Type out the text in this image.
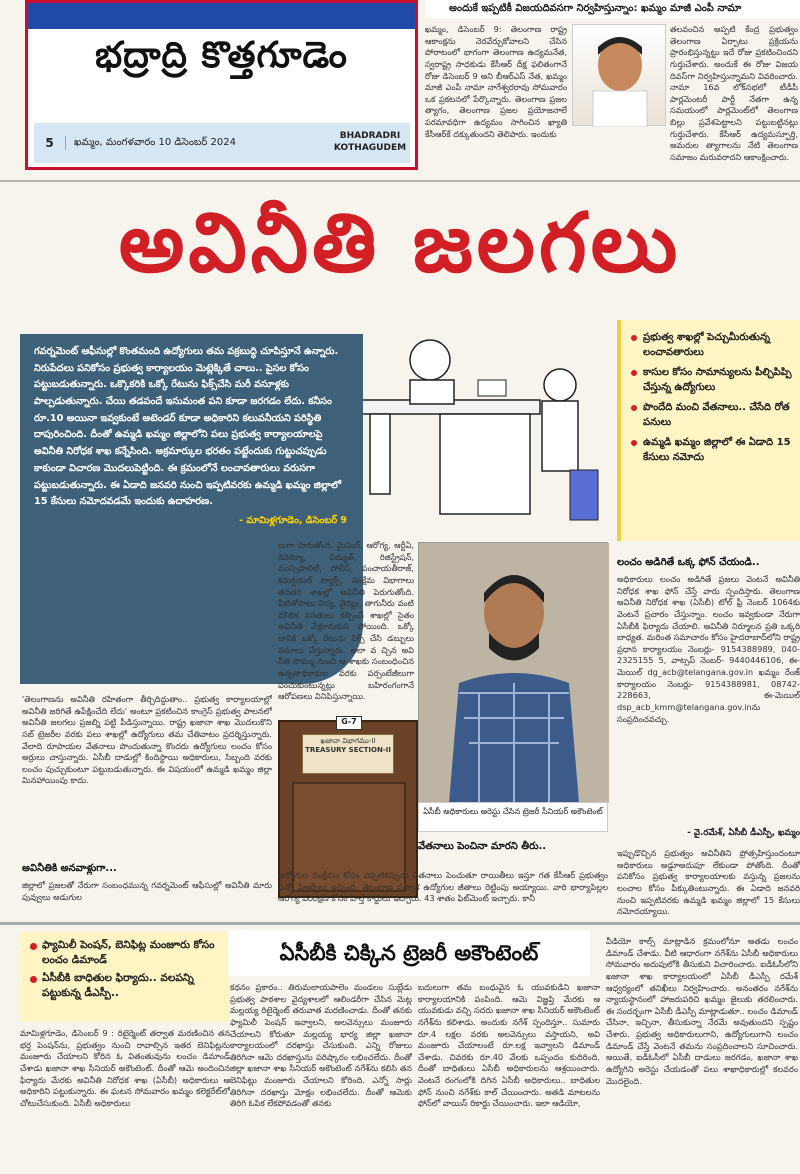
భద్రాద్రి కొత్తగూడెం
5	ఖమ్మం, మంగళవారం 10 డిసెంబర్ 2024
BHADRADRI KOTHAGUDEM
అందుకే ఇప్పటికీ విజయదివసగా నిర్వహిస్తున్నాం: ఖమ్మం మాజీ ఎంపీ నామా
ఖమ్మం, డిసెంబర్ 9: తెలంగాణ రాష్ట్ర ఆకాంక్షను నెరవేర్చుకోవాలని చేసిన పోరాటంలో భాగంగా తెలంగాణ ఉద్యమనేత, స్వరాష్ట్ర సాధకుడు కేసీఆర్ దీక్ష ఫలితంగానే రోజు డిసెంబర్ 9 అని బీఆర్ఎస్ నేత, ఖమ్మం మాజీ ఎంపీ నామా నాగేశ్వరరావు సోమవారం ఒక ప్రకటనలో పేర్కొన్నారు. తెలంగాణ ప్రజల త్యాగం, తెలంగాణ ప్రజల ప్రయోజనాలే పరమావధిగా ఉద్యమం సాగించిన ఖ్యాతి కేసీఆర్‌కే దక్కుతుందని తెలిపారు. ఇందుకు
తలవంచిన అప్పటి కేంద్ర ప్రభుత్వం తెలంగాణ ఏర్పాటు ప్రక్రియను ప్రారంభిస్తున్నట్టు ఇదే రోజు ప్రకటించిందని గుర్తుచేశారు. అందుకే ఈ రోజు విజయ దివస్‌గా నిర్వహిస్తున్నామని వివరించారు. నామా 16వ లోక్‌సభలో టీడీపీ పార్లమెంటరీ పార్టీ నేతగా ఉన్న సమయంలో పార్లమెంట్‌లో తెలంగాణ బిల్లు ప్రవేశపెట్టాలని పట్టుబట్టినట్లు గుర్తుచేశారు. కేసీఆర్ ఉద్యమస్ఫూర్తి, అమరుల త్యాగాలను నేటి తెలంగాణ సమాజం మరువరాదని ఆకాంక్షించారు.
అవినీతి జలగలు
గవర్నమెంట్ ఆఫీసుల్లో కొంతమంది ఉద్యోగులు తమ వక్రబుద్ధి చూపిస్తూనే ఉన్నారు. నిరుపేదలు పనికోసం ప్రభుత్వ కార్యాలయం మెట్లెక్కితే చాలు.. పైసల కోసం పట్టుబడుతున్నారు. ఒక్కొకరికి ఒక్కో రేటును ఫిక్స్‌చేసి మరీ వసూళ్లకు పాల్పడుతున్నారు. చేయి తడపందే ఇసుమంత పని కూడా జరగడం లేదు. కనీసం రూ.10 అయినా ఇవ్వకుంటే అటెండర్ కూడా అధికారిని కలువనీయని పరిస్థితి దాపురించింది. దీంతో ఉమ్మడి ఖమ్మం జిల్లాలోని పలు ప్రభుత్వ కార్యాలయాలపై అవినీతి నిరోధక శాఖ కన్నేసింది. అక్రమార్కుల భరతం పట్టేందుకు గుట్టుచప్పుడు కాకుండా విచారణ మొదలుపెట్టింది. ఈ క్రమంలోనే లంచావతారులు వరుసగా పట్టుబడుతున్నారు. ఈ ఏడాది జనవరి నుంచి ఇప్పటివరకు ఉమ్మడి ఖమ్మం జిల్లాలో 15 కేసులు నమోదవడమే ఇందుకు ఉదాహరణ.
- మామిళ్లగూడెం, డిసెంబర్ 9
ప్రభుత్వ శాఖల్లో పెచ్చుమీరుతున్న లంచావతారులు
కాసుల కోసం సామాన్యులను పీల్చిపిప్పి చేస్తున్న ఉద్యోగులు
పొందేది మంచి వేతనాలు.. చేసేది రోత పనులు
ఉమ్మడి ఖమ్మం జిల్లాలో ఈ ఏడాది 15 కేసులు నమోదు
లుగా సాగుతోంది. మైనింగ్, ఆరోగ్య, ఆర్టీఏ, రెవెన్యూ, విద్యుత్, రిజిస్ట్రేషన్, మున్సిపాలిటీ, పోలీస్, పంచాయతీరాజ్, కమర్షియల్ ట్యాక్స్, సంక్షేమ విభాగాలు తదితర శాఖల్లో అవినీతి పెరుగుతోంది. వీటితోపాటు విద్య, వైద్యం, తాగునీరు వంటి మౌలిక వసతులు కల్పించే శాఖల్లో సైతం అవినీతి వేళ్లూనుకుని పోయింది. ఒక్కో దానికి ఒక్కో రేటును ఫిక్స్ చేసి డబ్బులు వసూలు చేస్తున్నారు. అలా వ చ్చిన అవి నీతి సొమ్ము నుంచి ఆ శాఖకు సంబంధించిన ఉన్నతాధికారుల వరకు పర్సంటేజీలుగా పంచుకుంటున్నట్లు బహిరంగంగానే ఆరోపణలు వినిపిస్తున్నాయి.
G-7
ఖజానా విభాగము-II
TREASURY SECTION-II
'తెలంగాణను అవినీతి రహితంగా తీర్చిదిద్దుతాం.. ప్రభుత్వ కార్యాలయాల్లో అవినీతి జరిగితే ఉపేక్షించేది లేదు' అంటూ ప్రకటించిన కాంగ్రెస్ ప్రభుత్వ పాలనలో అవినీతి జలగలు ప్రజల్ని పట్టి పీడిస్తున్నాయి. రాష్ట్ర ఖజానా శాఖ మొదలుకొని సబ్ ట్రెజరీల వరకు పలు శాఖల్లో ఉద్యోగులు తమ చేతివాటం ప్రదర్శిస్తున్నారు. వేలాది రూపాయల వేతనాలు పొందుతున్నా కొందరు ఉద్యోగులు లంచం కోసం అర్రులు చాస్తున్నారు. ఏసీబీ దాడుల్లో కిందిస్థాయి అధికారులు, సిబ్బంది వరకు లంచం పుచ్చుకుంటూ పట్టుబడుతున్నారు. ఈ విషయంలో ఉమ్మడి ఖమ్మం జిల్లా మినహాయింపు కాదు.
అవినీతికి అనవాళ్లుగా...
జిల్లాలో ప్రజలతో నేరుగా సంబంధమున్న గవర్నమెంట్ ఆఫీసుల్లో అవినీతి మారు పువ్వులు అడుగుల
ఏసీబీ అధికారులు అరెస్టు చేసిన ట్రెజరీ సీనియర్ అకౌంటెంట్
వేతనాలు పెంచినా మారని తీరు..
ఉద్యోగుల సంక్షేమం కోసం ఎప్పటికప్పుడు వేతనాలు పెంచుతూ రాయితీలు ఇస్తూ గత కేసీఆర్ ప్రభుత్వం ఎన్నో పీఆర్సీలు ఇచ్చింది. తెలంగాణ వచ్చాక ఉద్యోగుల జీతాలు రెట్టింపు అయ్యాయి. వారి భార్యాపిల్లల ఆరోగ్య పరిరక్షణ కోసం హెల్త్ కార్డులు ఇచ్చారు. 43 శాతం ఫిట్‌మెంట్ ఇచ్చారు. కానీ
లంచం అడిగితే ఒక్క ఫోన్ చేయండి..
అధికారులు లంచం అడిగితే ప్రజలు వెంటనే అవినీతి నిరోధక శాఖ ఫోన్ చేస్తే వారు స్పందిస్తారు. తెలంగాణ అవినీతి నిరోధక శాఖ (ఏసీబీ) టోల్ ఫ్రీ నెంబర్ 1064కు వెంటనే ప్రచారం చేస్తున్నాం. లంచం ఇవ్వకుండా నేరుగా ఏసీబీకి ఫిర్యాదు చేయాలి. అవినీతి నిర్మూలన ప్రతి ఒక్కరి బాధ్యత. మరింత సమాచారం కోసం హైదరాబాద్‌లోని రాష్ట్ర ప్రధాన కార్యాలయం నెంబర్లు- 9154388989, 040-2325155 5, వాట్సప్ నెంబర్- 9440446106, ఈ-మెయిల్ dg_acb@telangana.gov.in ఖమ్మం రేంజ్ కార్యాలయం నెంబర్లు- 9154388981, 08742-228663, ఈ-మెయిల్ dsp_acb_kmm@telangana.gov.inను సంప్రదించవచ్చు.
- వై.రమేశ్, ఏసీబీ డీఎస్పీ, ఖమ్మం
ఇప్పుడొచ్చిన ప్రభుత్వం అవినీతిని ప్రోత్సహిస్తుందంటూ అధికారులు అడ్డూఅదుపూ లేకుండా పోతోంది. దీంతో పనికోసం ప్రభుత్వ కార్యాలయాలకు వస్తున్న ప్రజలను లంచాల కోసం పీక్కుతింటున్నారు. ఈ ఏడాది జనవరి నుంచి ఇప్పటివరకు ఉమ్మడి ఖమ్మం జిల్లాలో 15 కేసులు నమోదయ్యాయి.
ఫ్యామిలీ పెంషన్, బెనిఫిట్ల మంజూరు కోసం లంచం డిమాండ్
ఏసీబీకి బాధితుల ఫిర్యాదు.. వలపన్ని పట్టుకున్న డీఎస్పీ..
ఏసీబీకి చిక్కిన ట్రెజరీ అకౌంటెంట్
మామిళ్లగూడెం, డిసెంబర్ 9 : రిటైర్మెంట్ తర్వాత మరణించిన తన భర్త పెంషన్‌ను, ప్రభుత్వం నుంచి రావాల్సిన ఇతర బెనిఫిట్లను మంజూరు చేయాలని కోరిన ఓ వితంతువును లంచం డిమాండ్ చేశాడు ఖజానా శాఖ సీనియర్ అకౌంటెంట్. దీంతో ఆమె అందించిన ఫిర్యాదు మేరకు అవినీతి నిరోధక శాఖ (ఏసీబీ) అధికారులు ఆ అధికారిని పట్టుకున్నారు. ఈ ఘటన సోమవారం ఖమ్మం కలెక్టరేట్‌లో చోటుచేసుకుంది. ఏసీబీ అధికారులు
కథనం ప్రకారం.. తిరుమలాయపాలెం మండలం సుబ్లేడు ప్రభుత్వ పాఠశాల వైద్యశాలలో ఆలిండరీగా చేసిన మెట్ల మల్లయ్య రిటైర్మెంట్ తరువాత మరణించాడు. దీంతో తనకు ఫ్యామిలీ పెంషన్ ఇవ్వాలని, అలవెన్సులు మంజూరు చేయాలని కోరుతూ మల్లయ్య భార్య జిల్లా ఖజానా కార్యాలయంలో దరఖాస్తు చేసుకుంది. ఎన్ని రోజులు తిరిగినా ఆమె దరఖాస్తును పరిష్కారం లభించలేదు. దీంతో జిల్లా ఖజానా శాఖ సీనియర్ అకౌంటెంట్ నగేశ్‌ను కలిసి తన బెనిఫిట్లు మంజూరు చేయాలని కోరింది. ఎన్నో సార్లు తిరిగినా దరఖాస్తు మోక్షం లభించలేదు. దీంతో ఆమెకు తిరిగి ఓపిక లేకపోవడంతో తనకు
బదులుగా తమ బంధువైన ఓ యువకుడిని ఖజానా కార్యాలయానికి పంపింది. ఆమె విజ్ఞప్తి మేరకు ఆ యువకుడు వచ్చి సదరు ఖజానా శాఖ సీనియర్ అకౌంటెంట్ నగేశ్‌ను కలిశాడు. అందుకు నగేశ్ స్పందిస్తూ.. సుమారు రూ.4 లక్షల వరకు అలవెన్సులు వస్తాయని, అవి మంజూరు చేయాలంటే రూ.లక్ష ఇవ్వాలని డిమాండ్ చేశాడు. చివరకు రూ.40 వేలకు ఒప్పందం కుదిరింది. దీంతో బాధితులు ఏసీబీ అధికారులను ఆశ్రయించారు. వెంటనే రంగంలోకి దిగిన ఏసీబీ అధికారులు.. బాధితుల ఫోన్ నుంచి నగేశ్‌కు కాల్ చేయించారు. అతడి మాటలను ఫోన్‌లో వాయిస్ రికార్డు చేయించారు. ఇలా ఆడియో,
వీడియో కాల్స్ మాట్లాడిన క్రమంలోనూ అతడు లంచం డిమాండ్ చేశాడు. వీటి ఆధారంగా నగేశ్‌ను ఏసీబీ అధికారులు సోమవారం అదుపులోకి తీసుకుని విచారించారు. ఐడీఓసీలోని ఖజానా శాఖ కార్యాలయంలో ఏసీబీ డీఎస్పీ రమేశ్ ఆధ్వర్యంలో తనిఖీలు నిర్వహించారు. అనంతరం నగేశ్‌ను న్యాయస్థానంలో హాజరుపరిచి ఖమ్మం జైలుకు తరలించారు. ఈ సందర్భంగా ఏసీబీ డీఎస్పీ మాట్లాడుతూ.. లంచం డిమాండ్ చేసినా, ఇచ్చినా, తీసుకున్నా నేరమే అవుతుందని స్పష్టం చేశారు. ప్రభుత్వ అధికారులుగాని, ఉద్యోగులుగాని లంచం డిమాండ్ చేస్తే వెంటనే తమను సంప్రదించాలని సూచించారు. అయితే, ఐడీఓసీలో ఏసీబీ దాడులు జరగడం, ఖజానా శాఖ ఉద్యోగిని అరెస్టు చేయడంతో పలు శాఖాధికారుల్లో కలవరం మొదలైంది.
